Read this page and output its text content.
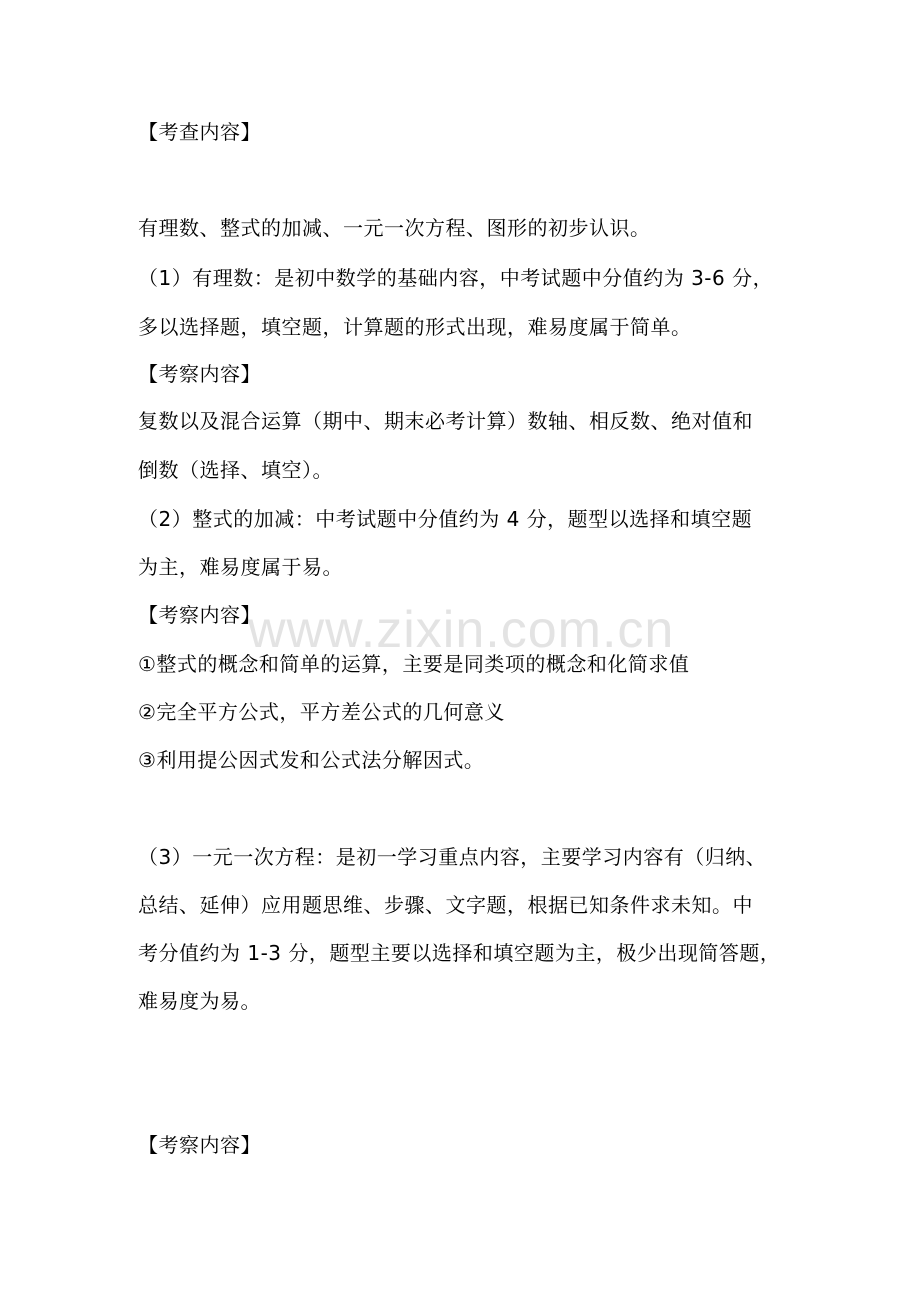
www.zixin.com.cn
【考查内容】
有理数、整式的加减、一元一次方程、图形的初步认识。
（1）有理数：是初中数学的基础内容，中考试题中分值约为 3-6 分，
多以选择题，填空题，计算题的形式出现，难易度属于简单。
【考察内容】
复数以及混合运算（期中、期末必考计算）数轴、相反数、绝对值和
倒数（选择、填空）。
（2）整式的加减：中考试题中分值约为 4 分，题型以选择和填空题
为主，难易度属于易。
【考察内容】
①整式的概念和简单的运算，主要是同类项的概念和化简求值
②完全平方公式，平方差公式的几何意义
③利用提公因式发和公式法分解因式。
（3）一元一次方程：是初一学习重点内容，主要学习内容有（归纳、
总结、延伸）应用题思维、步骤、文字题，根据已知条件求未知。中
考分值约为 1-3 分，题型主要以选择和填空题为主，极少出现简答题，
难易度为易。
【考察内容】
